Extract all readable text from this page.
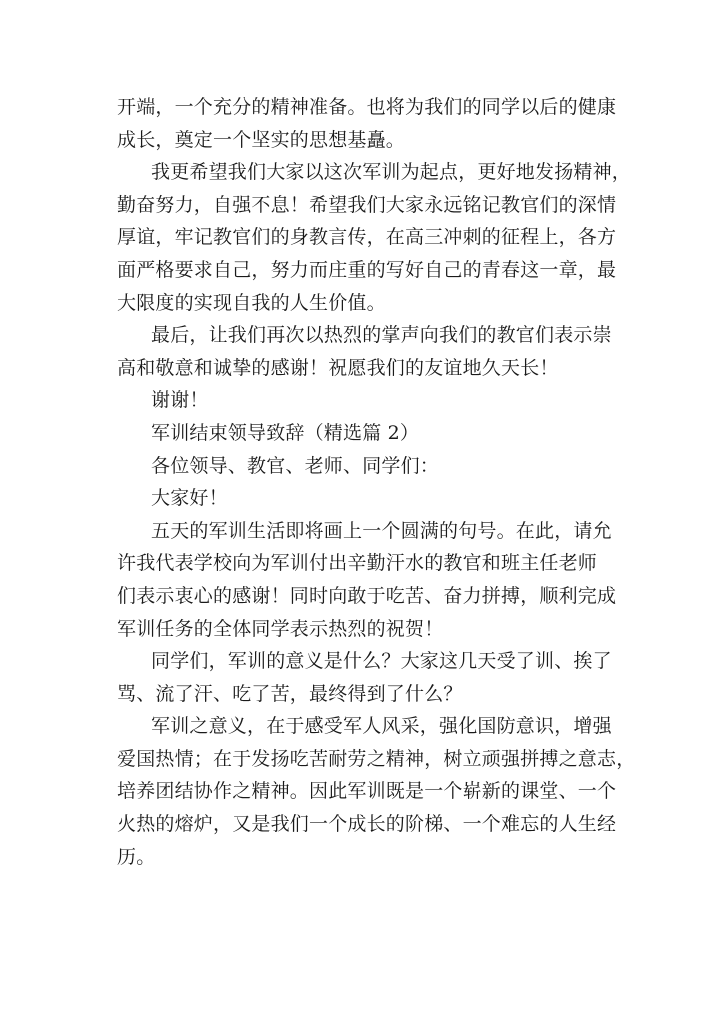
开端，一个充分的精神准备。也将为我们的同学以后的健康
成长，奠定一个坚实的思想基矗。
我更希望我们大家以这次军训为起点，更好地发扬精神，
勤奋努力，自强不息！希望我们大家永远铭记教官们的深情
厚谊，牢记教官们的身教言传，在高三冲刺的征程上，各方
面严格要求自己，努力而庄重的写好自己的青春这一章，最
大限度的实现自我的人生价值。
最后，让我们再次以热烈的掌声向我们的教官们表示崇
高和敬意和诚挚的感谢！祝愿我们的友谊地久天长！
谢谢！
军训结束领导致辞（精选篇 2）
各位领导、教官、老师、同学们：
大家好！
五天的军训生活即将画上一个圆满的句号。在此，请允
许我代表学校向为军训付出辛勤汗水的教官和班主任老师
们表示衷心的感谢！同时向敢于吃苦、奋力拼搏，顺利完成
军训任务的全体同学表示热烈的祝贺！
同学们，军训的意义是什么？大家这几天受了训、挨了
骂、流了汗、吃了苦，最终得到了什么？
军训之意义，在于感受军人风采，强化国防意识，增强
爱国热情；在于发扬吃苦耐劳之精神，树立顽强拼搏之意志，
培养团结协作之精神。因此军训既是一个崭新的课堂、一个
火热的熔炉，又是我们一个成长的阶梯、一个难忘的人生经
历。
